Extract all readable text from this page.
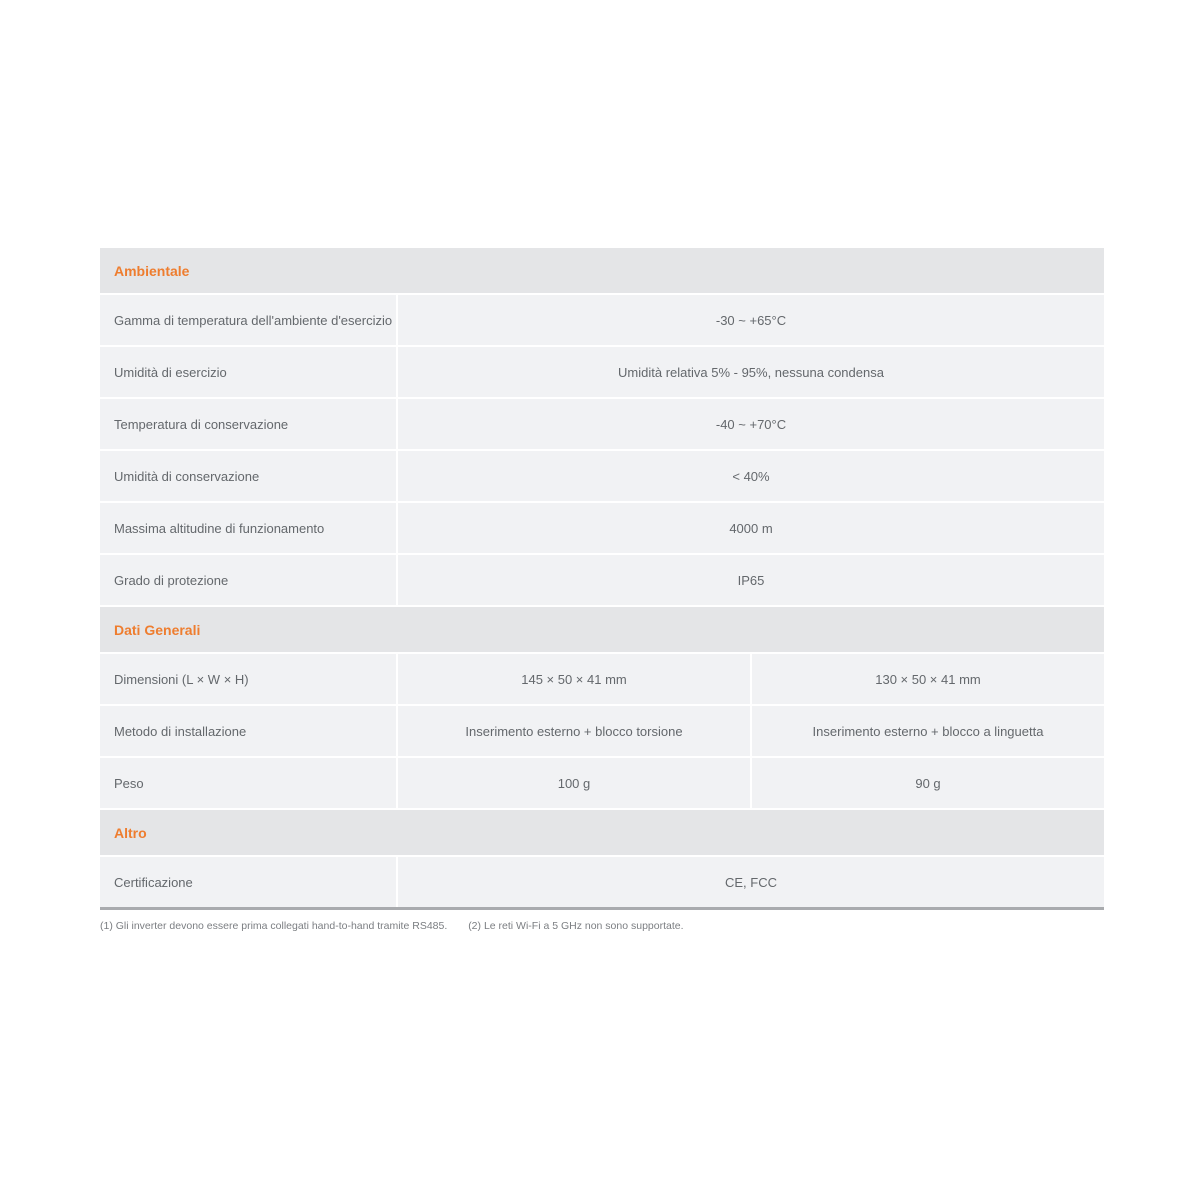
Ambientale
Gamma di temperatura dell'ambiente d'esercizio	-30 ~ +65°C
Umidità di esercizio	Umidità relativa 5% - 95%, nessuna condensa
Temperatura di conservazione	-40 ~ +70°C
Umidità di conservazione	< 40%
Massima altitudine di funzionamento	4000 m
Grado di protezione	IP65
Dati Generali
Dimensioni (L × W × H)	145 × 50 × 41 mm	130 × 50 × 41 mm
Metodo di installazione	Inserimento esterno + blocco torsione	Inserimento esterno + blocco a linguetta
Peso	100 g	90 g
Altro
Certificazione	CE, FCC
(1) Gli inverter devono essere prima collegati hand-to-hand tramite RS485. (2) Le reti Wi-Fi a 5 GHz non sono supportate.
